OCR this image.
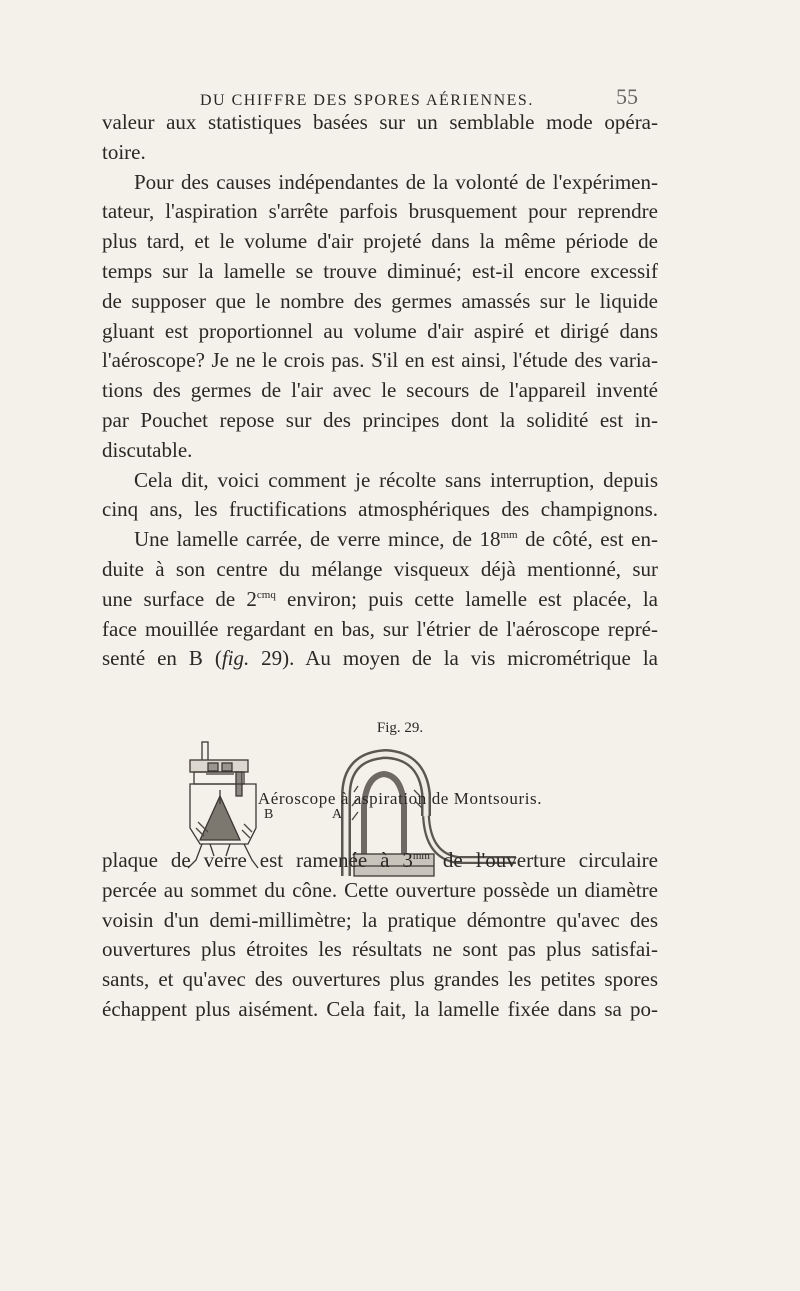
DU CHIFFRE DES SPORES AÉRIENNES.	55
valeur aux statistiques basées sur un semblable mode opéra-
toire.
Pour des causes indépendantes de la volonté de l'expérimen-
tateur, l'aspiration s'arrête parfois brusquement pour reprendre
plus tard, et le volume d'air projeté dans la même période de
temps sur la lamelle se trouve diminué; est-il encore excessif
de supposer que le nombre des germes amassés sur le liquide
gluant est proportionnel au volume d'air aspiré et dirigé dans
l'aéroscope? Je ne le crois pas. S'il en est ainsi, l'étude des varia-
tions des germes de l'air avec le secours de l'appareil inventé
par Pouchet repose sur des principes dont la solidité est in-
discutable.
Cela dit, voici comment je récolte sans interruption, depuis
cinq ans, les fructifications atmosphériques des champignons.
Une lamelle carrée, de verre mince, de $18^{mm}$ de côté, est en-
duite à son centre du mélange visqueux déjà mentionné, sur
une surface de $2^{cmq}$ environ; puis cette lamelle est placée, la
face mouillée regardant en bas, sur l'étrier de l'aéroscope repré-
senté en B (fig. 29). Au moyen de la vis micrométrique la
Fig. 29.
B	A
Aéroscope à aspiration de Montsouris.
plaque de verre est ramenée à $3^{mm}$ de l'ouverture circulaire
percée au sommet du cône. Cette ouverture possède un diamètre
voisin d'un demi-millimètre; la pratique démontre qu'avec des
ouvertures plus étroites les résultats ne sont pas plus satisfai-
sants, et qu'avec des ouvertures plus grandes les petites spores
échappent plus aisément. Cela fait, la lamelle fixée dans sa po-
